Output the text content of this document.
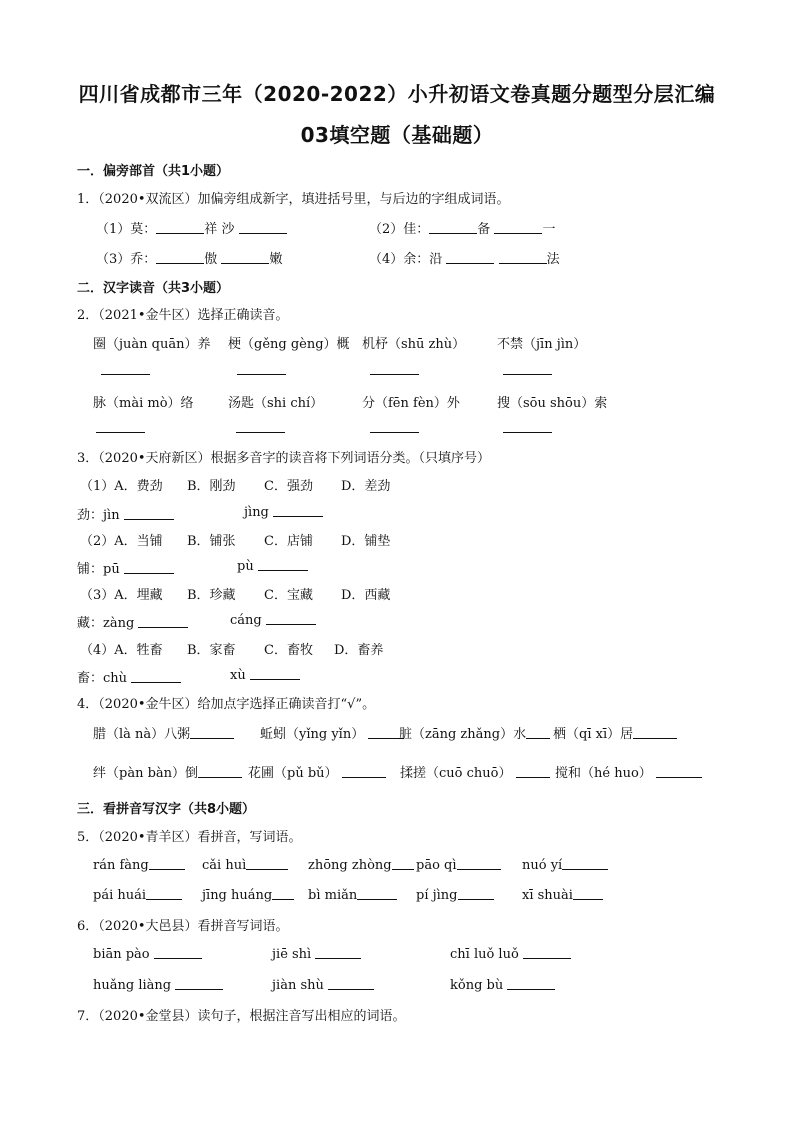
四川省成都市三年（2020-2022）小升初语文卷真题分题型分层汇编
03填空题（基础题）
一．偏旁部首（共1小题）
1．（2020•双流区）加偏旁组成新字，填进括号里，与后边的字组成词语。
（1）莫：	祥 沙	（2）佳：	备	一
（3）乔：	傲	嫩	（4）余：沿	法
二．汉字读音（共3小题）
2．（2021•金牛区）选择正确读音。
圈（juàn quān）养 梗（gěng gèng）概 机杼（shū zhù） 不禁（jīn jìn）
脉（mài mò）络	汤匙（shi chí）	分（fēn fèn）外	搜（sōu shōu）索
3．（2020•天府新区）根据多音字的读音将下列词语分类。（只填序号）
（1）A．费劲 B．刚劲 C．强劲 D．差劲
劲：jìn	jìng
（2）A．当铺 B．铺张 C．店铺 D．铺垫
铺：pū	pù
（3）A．埋藏 B．珍藏 C．宝藏 D．西藏
藏：zàng	cáng
（4）A．牲畜 B．家畜 C．畜牧 D．畜养
畜：chù	xù
4．（2020•金牛区）给加点字选择正确读音打“√”。
腊（là nà）八粥	蚯蚓（yǐng yǐn）	脏（zāng zhǎng）水	栖（qī xī）居
绊（pàn bàn）倒	花圃（pǔ bǔ）	揉搓（cuō chuō）	搅和（hé huo）
三．看拼音写汉字（共8小题）
5．（2020•青羊区）看拼音，写词语。
rán fàng	cǎi huì	zhōng zhòng	pāo qì	nuó yí
pái huái	jīng huáng	bì miǎn	pí jìng	xī shuài
6．（2020•大邑县）看拼音写词语。
biān pào	jiē shì	chī luǒ luǒ
huǎng liàng	jiàn shù	kǒng bù
7．（2020•金堂县）读句子，根据注音写出相应的词语。
